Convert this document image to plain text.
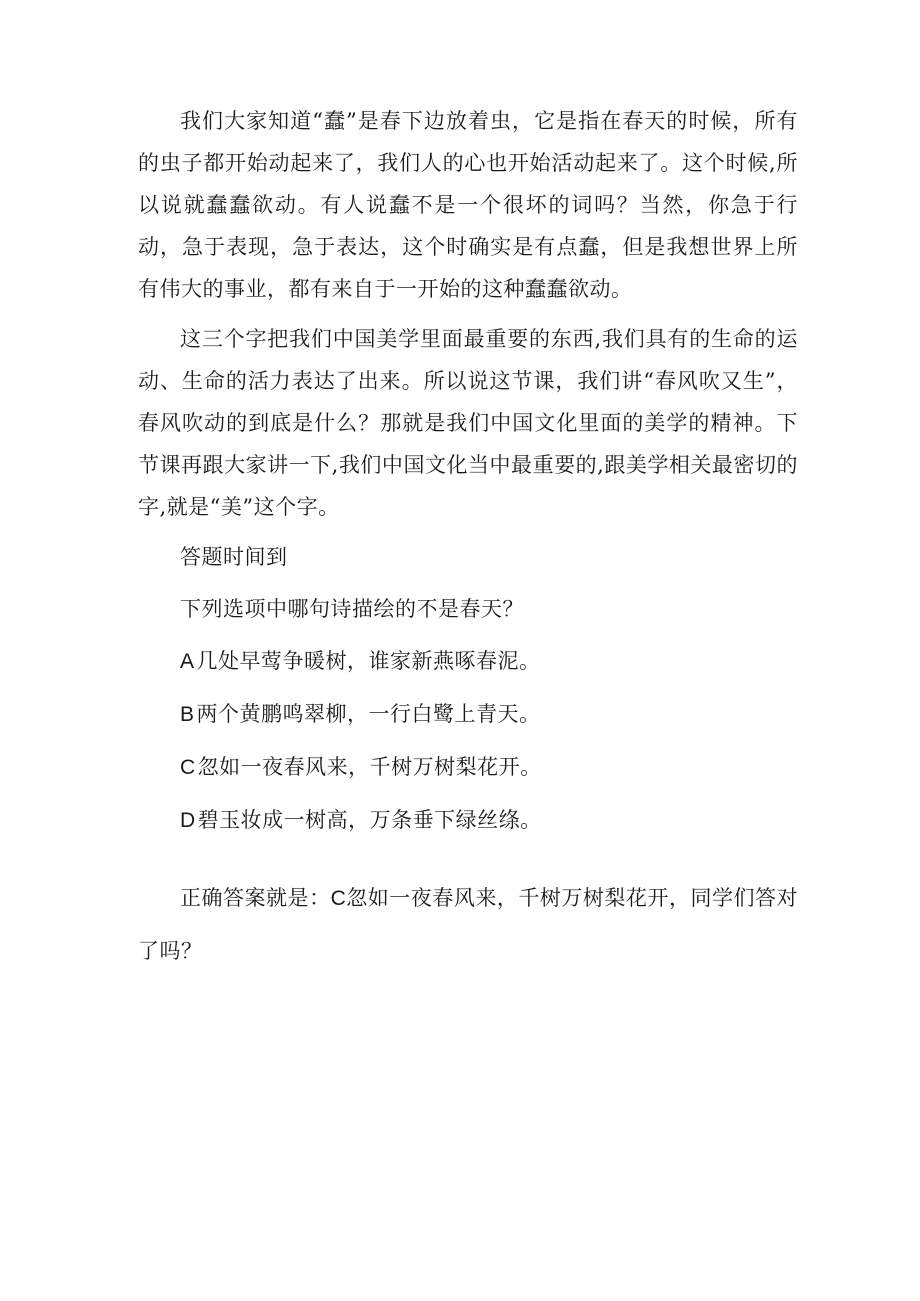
我们大家知道“蠢”是春下边放着虫，它是指在春天的时候，所有的虫子都开始动起来了，我们人的心也开始活动起来了。这个时候,所以说就蠢蠢欲动。有人说蠢不是一个很坏的词吗？当然，你急于行动，急于表现，急于表达，这个时确实是有点蠢，但是我想世界上所有伟大的事业，都有来自于一开始的这种蠢蠢欲动。

这三个字把我们中国美学里面最重要的东西,我们具有的生命的运动、生命的活力表达了出来。所以说这节课，我们讲“春风吹又生”，春风吹动的到底是什么？那就是我们中国文化里面的美学的精神。下节课再跟大家讲一下,我们中国文化当中最重要的,跟美学相关最密切的字,就是“美”这个字。

答题时间到

下列选项中哪句诗描绘的不是春天？

A几处早莺争暖树，谁家新燕啄春泥。

B两个黄鹏鸣翠柳，一行白鹭上青天。

C忽如一夜春风来，千树万树梨花开。

D碧玉妆成一树高，万条垂下绿丝绦。

正确答案就是：C忽如一夜春风来，千树万树梨花开，同学们答对了吗？
